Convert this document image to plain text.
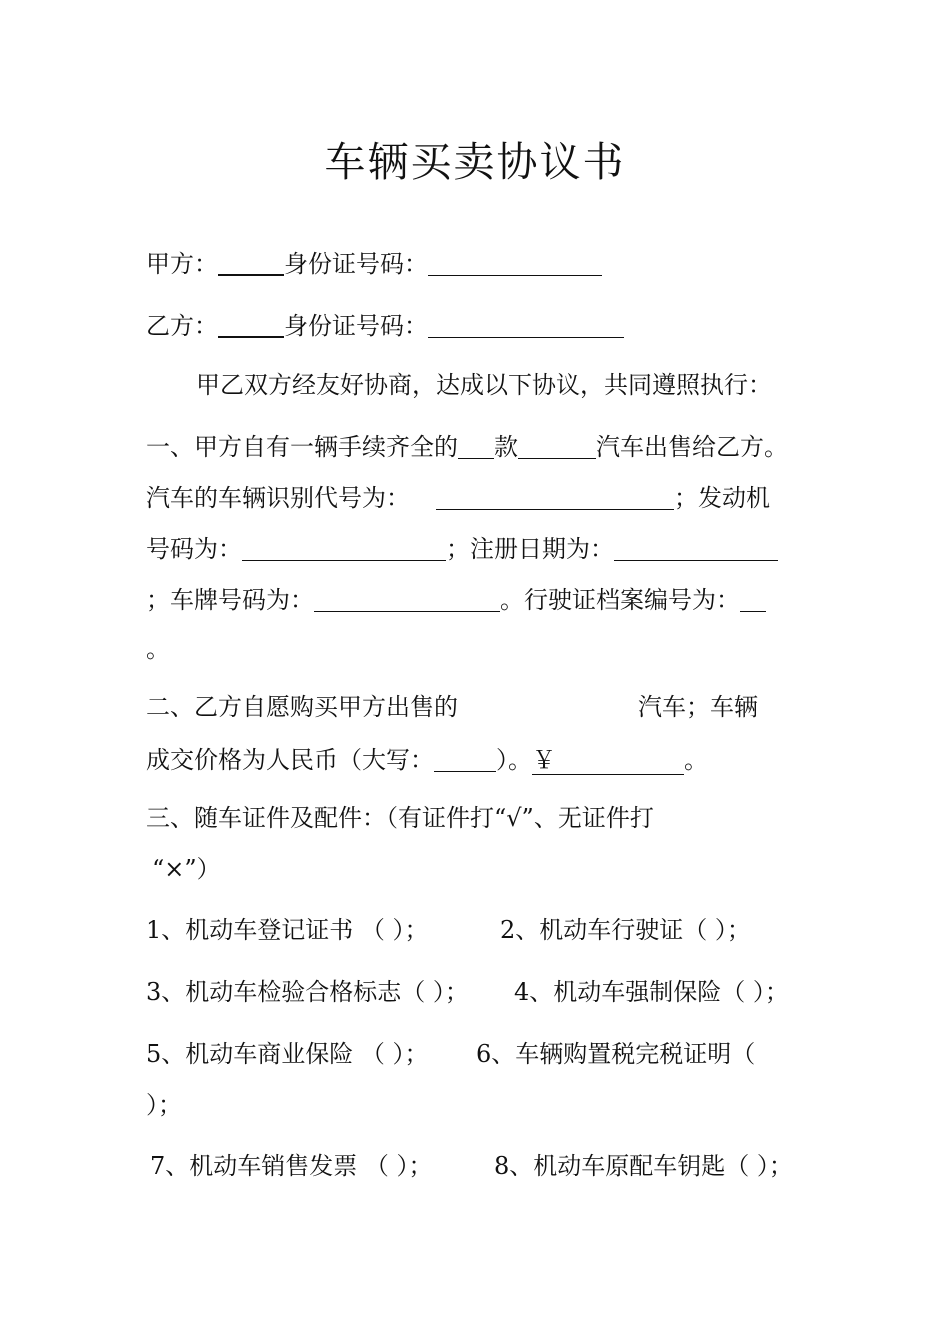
车辆买卖协议书
甲方：	身份证号码：
乙方：	身份证号码：
甲乙双方经友好协商，达成以下协议，共同遵照执行：
一、甲方自有一辆手续齐全的 款	汽车出售给乙方。
汽车的车辆识别代号为：	；发动机
号码为：	；注册日期为：
；车牌号码为：	。行驶证档案编号为：
。
二、乙方自愿购买甲方出售的	汽车；车辆
成交价格为人民币（大写：	）。￥	。
三、随车证件及配件：（有证件打“√”、无证件打
“×”）
1、机动车登记证书 （ ）；	2、机动车行驶证（ ）；
3、机动车检验合格标志（ ）； 4、机动车强制保险（ ）；
5、机动车商业保险 （ ）； 6、车辆购置税完税证明（
）；
7、机动车销售发票 （ ）；	8、机动车原配车钥匙（ ）；
